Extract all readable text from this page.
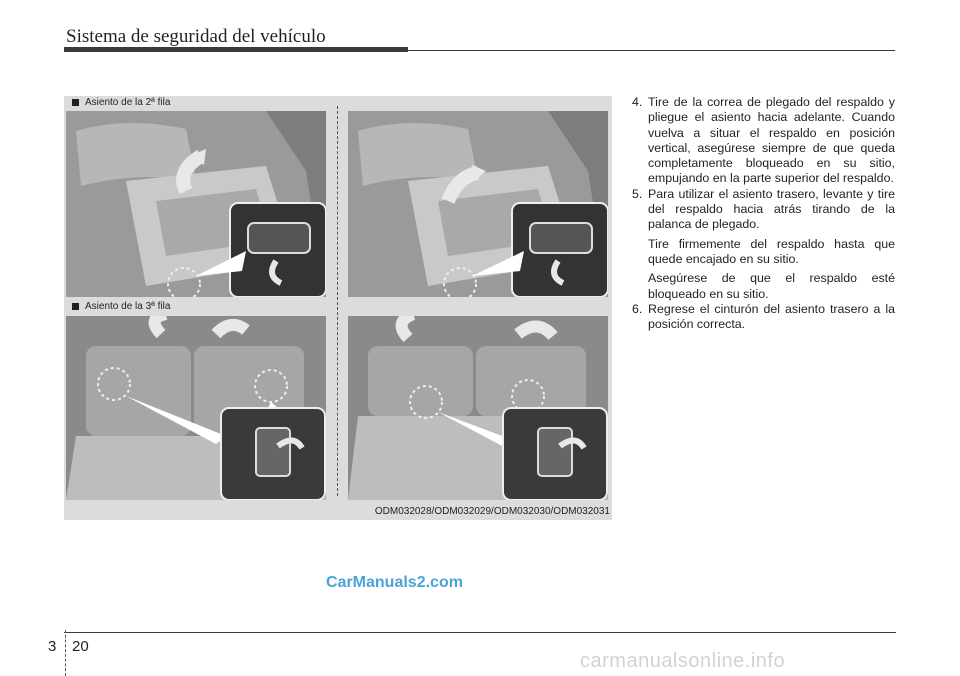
Sistema de seguridad del vehículo
Asiento de la 2ª fila
Asiento de la 3ª fila
ODM032028/ODM032029/ODM032030/ODM032031
4. Tire de la correa de plegado del respaldo y pliegue el asiento hacia adelante. Cuando vuelva a situar el respaldo en posición vertical, asegúrese siempre de que queda completamente bloqueado en su sitio, empujando en la parte superior del respaldo.

5. Para utilizar el asiento trasero, levante y tire del respaldo hacia atrás tirando de la palanca de plegado.

Tire firmemente del respaldo hasta que quede encajado en su sitio.

Asegúrese de que el respaldo esté bloqueado en su sitio.

6. Regrese el cinturón del asiento trasero a la posición correcta.

CarManuals2.com
3 20
carmanualsonline.info
